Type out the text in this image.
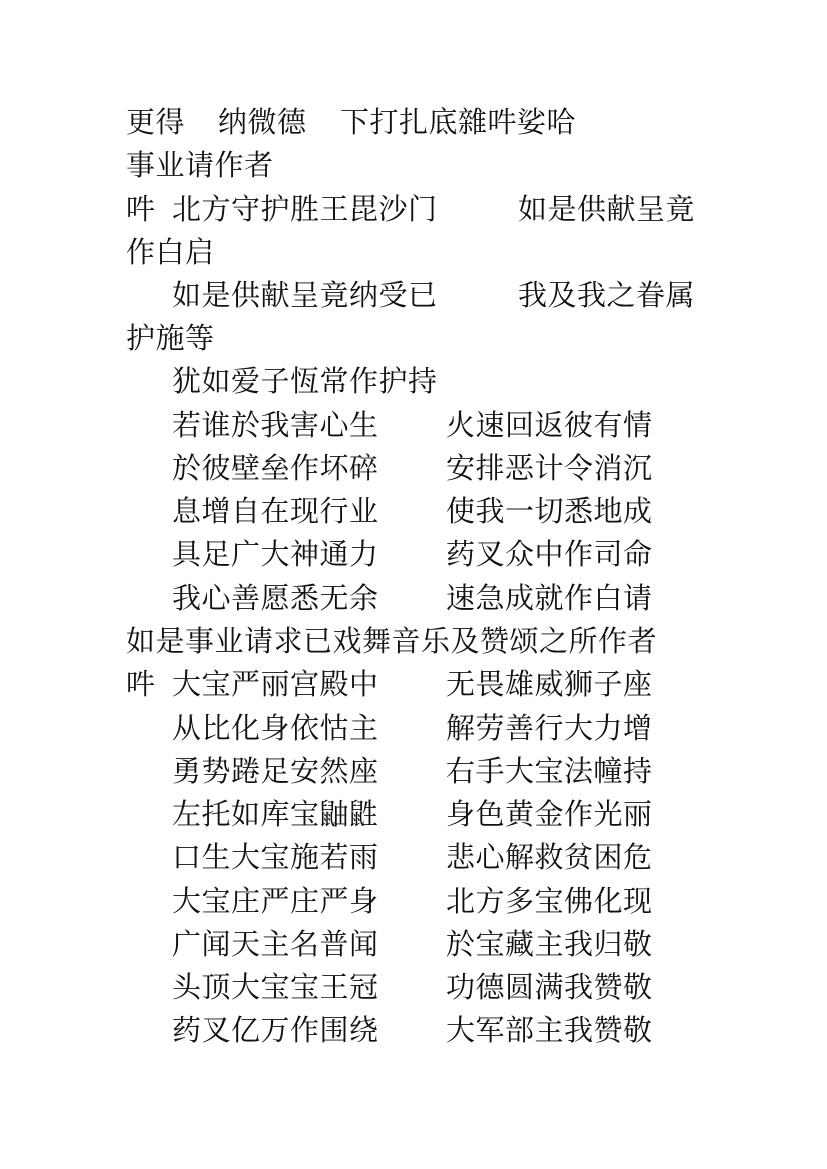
更得 纳微德 下打扎底雜吽娑哈
事业请作者
吽 北方守护胜王毘沙门	如是供献呈竟
作白启
如是供献呈竟纳受已	我及我之眷属
护施等
犹如爱子恆常作护持
若谁於我害心生 火速回返彼有情
於彼壁垒作坏碎 安排恶计令消沉
息增自在现行业 使我一切悉地成
具足广大神通力 药叉众中作司命
我心善愿悉无余 速急成就作白请
如是事业请求已戏舞音乐及赞颂之所作者
吽 大宝严丽宫殿中 无畏雄威狮子座
从比化身依怙主 解劳善行大力增
勇势踡足安然座 右手大宝法幢持
左托如库宝鼬鼪 身色黄金作光丽
口生大宝施若雨 悲心解救贫困危
大宝庄严庄严身 北方多宝佛化现
广闻天主名普闻 於宝藏主我归敬
头顶大宝宝王冠 功德圆满我赞敬
药叉亿万作围绕 大军部主我赞敬
